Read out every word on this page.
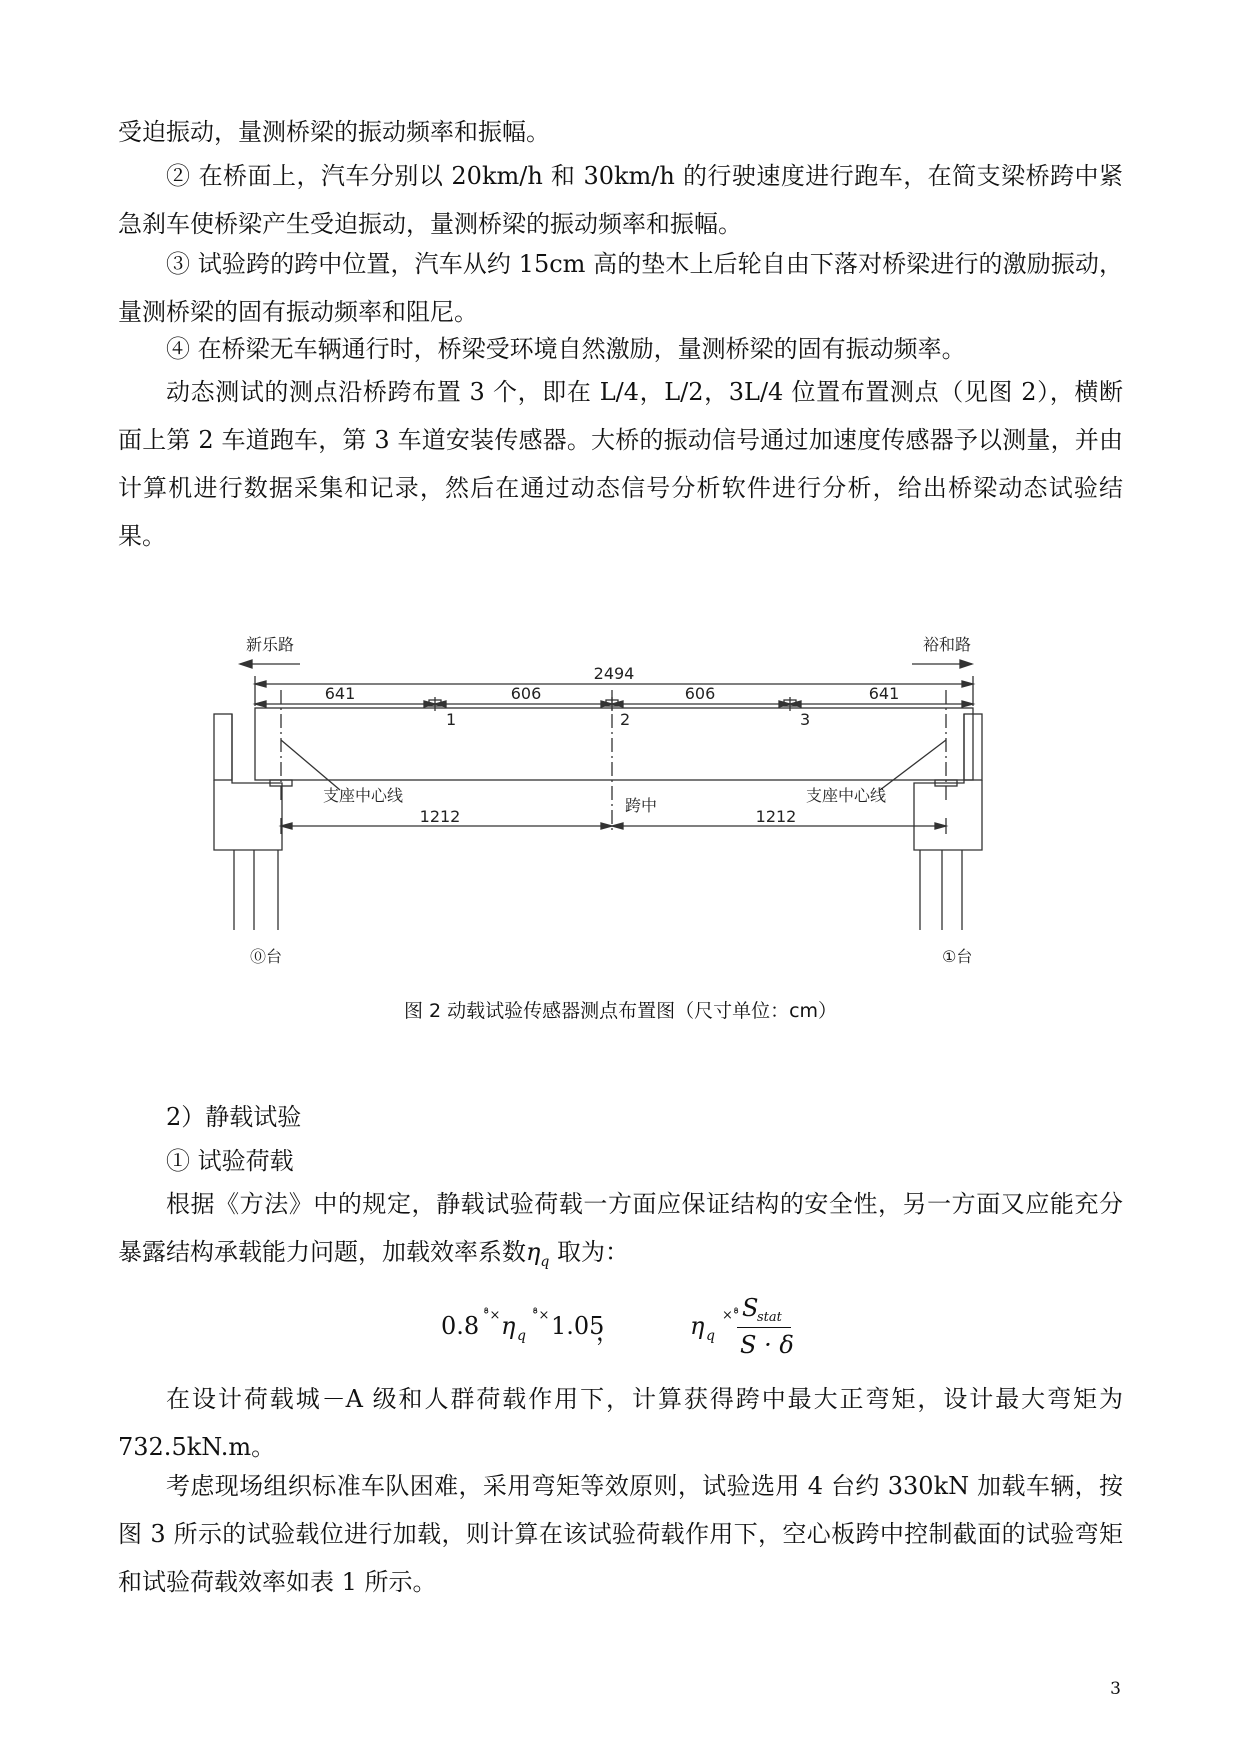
受迫振动，量测桥梁的振动频率和振幅。

② 在桥面上，汽车分别以 20km/h 和 30km/h 的行驶速度进行跑车，在简支梁桥跨中紧急刹车使桥梁产生受迫振动，量测桥梁的振动频率和振幅。

③ 试验跨的跨中位置，汽车从约 15cm 高的垫木上后轮自由下落对桥梁进行的激励振动，量测桥梁的固有振动频率和阻尼。

④ 在桥梁无车辆通行时，桥梁受环境自然激励，量测桥梁的固有振动频率。

动态测试的测点沿桥跨布置 3 个，即在 L/4，L/2，3L/4 位置布置测点（见图 2），横断面上第 2 车道跑车，第 3 车道安装传感器。大桥的振动信号通过加速度传感器予以测量，并由计算机进行数据采集和记录，然后在通过动态信号分析软件进行分析，给出桥梁动态试验结果。

新乐路	裕和路
2494
641	606	606	641
1	2	3
支座中心线	支座中心线
跨中
1212	1212
⓪台	①台
图 2 动载试验传感器测点布置图（尺寸单位：cm）

2）静载试验

① 试验荷载

根据《方法》中的规定，静载试验荷载一方面应保证结构的安全性，另一方面又应能充分暴露结构承载能力问题，加载效率系数$\eta_q$ 取为：

0.8 °̊× η q
°̊× 1.05
，	η q
×°̊ S
stat
S · δ

在设计荷载城－A 级和人群荷载作用下，计算获得跨中最大正弯矩，设计最大弯矩为 732.5kN.m。

考虑现场组织标准车队困难，采用弯矩等效原则，试验选用 4 台约 330kN 加载车辆，按图 3 所示的试验载位进行加载，则计算在该试验荷载作用下，空心板跨中控制截面的试验弯矩和试验荷载效率如表 1 所示。

3
